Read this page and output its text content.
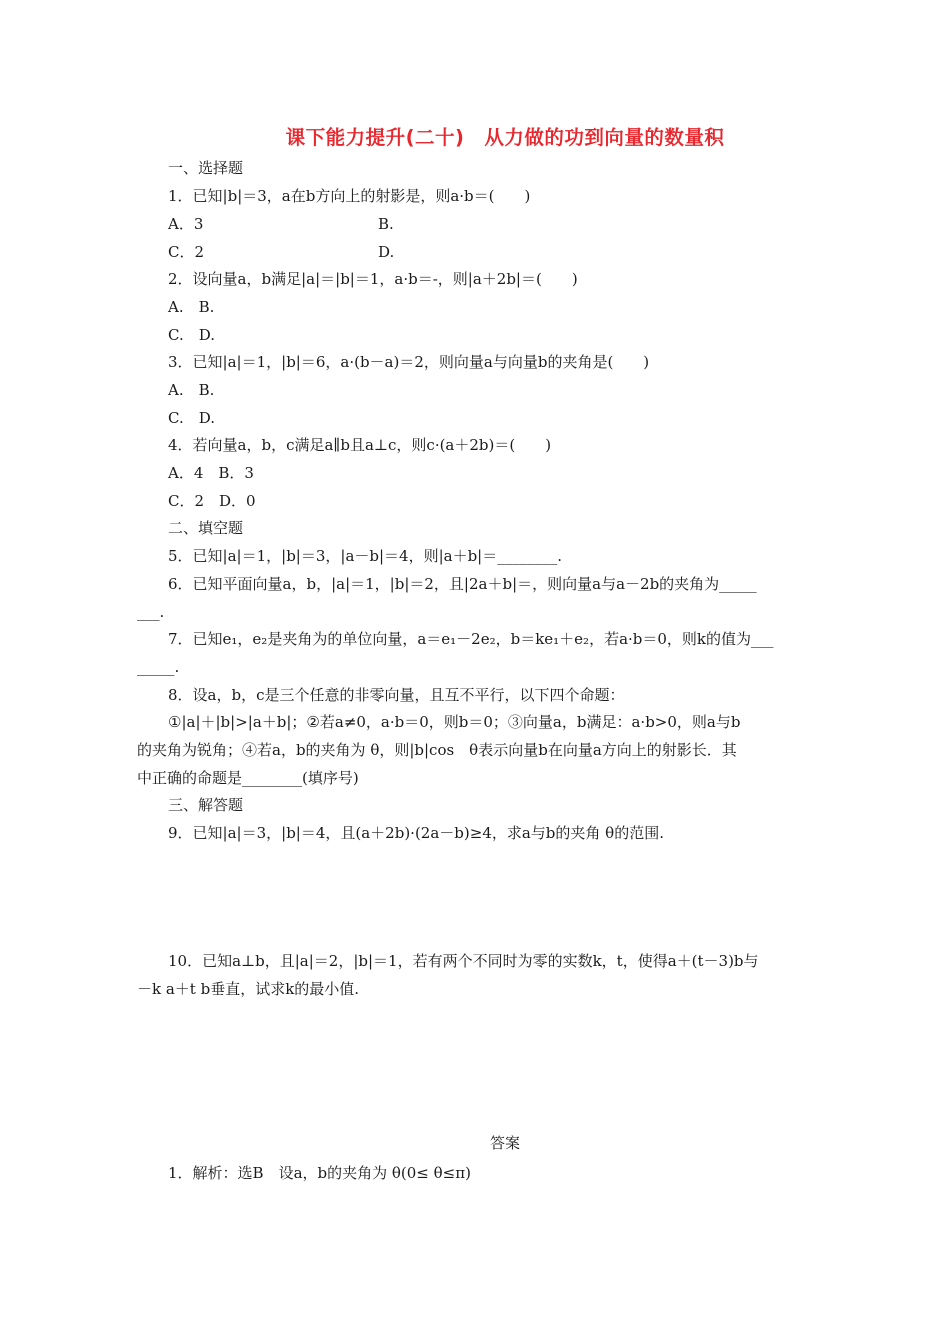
课下能力提升(二十)　从力做的功到向量的数量积
一、选择题
1．已知|b|＝3，a在b方向上的射影是，则a·b＝(　　)
A．3	B.
C．2	D.
2．设向量a，b满足|a|＝|b|＝1，a·b＝-，则|a＋2b|＝(　　)
A.　B.
C.　D.
3．已知|a|＝1，|b|＝6，a·(b－a)＝2，则向量a与向量b的夹角是(　　)
A.　B.
C.　D.
4．若向量a，b，c满足a∥b且a⊥c，则c·(a＋2b)＝(　　)
A．4　B．3
C．2　D．0
二、填空题
5．已知|a|＝1，|b|＝3，|a－b|＝4，则|a＋b|＝________.
6．已知平面向量a，b，|a|＝1，|b|＝2，且|2a＋b|＝，则向量a与a－2b的夹角为_____
___.
7．已知e₁，e₂是夹角为的单位向量，a＝e₁－2e₂，b＝ke₁＋e₂，若a·b＝0，则k的值为___
_____.
8．设a，b，c是三个任意的非零向量，且互不平行，以下四个命题：
①|a|＋|b|>|a＋b|；②若a≠0，a·b＝0，则b＝0；③向量a，b满足：a·b>0，则a与b
的夹角为锐角；④若a，b的夹角为 θ，则|b|cos　θ表示向量b在向量a方向上的射影长．其
中正确的命题是________(填序号)
三、解答题
9．已知|a|＝3，|b|＝4，且(a＋2b)·(2a－b)≥4，求a与b的夹角 θ的范围.
10．已知a⊥b，且|a|＝2，|b|＝1，若有两个不同时为零的实数k，t，使得a＋(t－3)b与
－k a＋t b垂直，试求k的最小值.
答案
1．解析：选B　设a，b的夹角为 θ(0≤ θ≤π)
